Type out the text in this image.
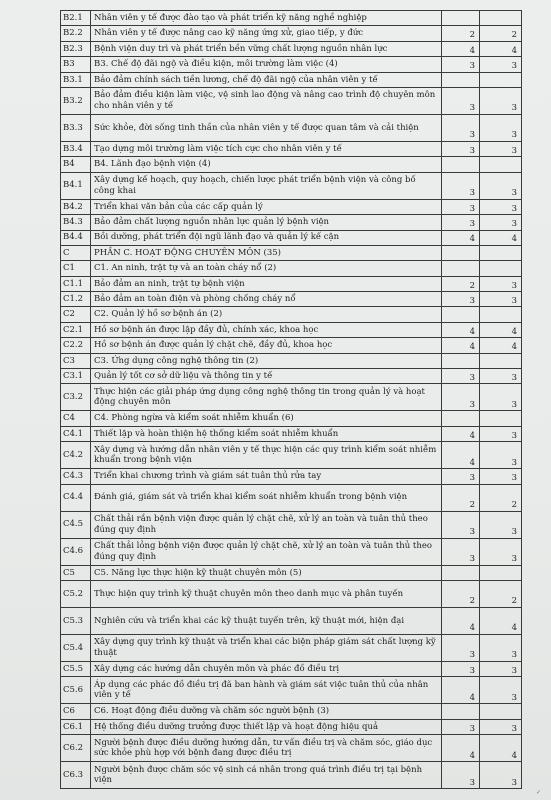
B2.1	Nhân viên y tế được đào tạo và phát triển kỹ năng nghề nghiệp		
B2.2	Nhân viên y tế được nâng cao kỹ năng ứng xử, giao tiếp, y đức	2	2
B2.3	Bệnh viện duy trì và phát triển bền vững chất lượng nguồn nhân lực	4	4
B3	B3. Chế độ đãi ngộ và điều kiện, môi trường làm việc (4)	3	3
B3.1	Bảo đảm chính sách tiền lương, chế độ đãi ngộ của nhân viên y tế		
B3.2	Bảo đảm điều kiện làm việc, vệ sinh lao động và nâng cao trình độ chuyên môn cho nhân viên y tế	3	3
B3.3	Sức khỏe, đời sống tinh thần của nhân viên y tế được quan tâm và cải thiện	3	3
B3.4	Tạo dựng môi trường làm việc tích cực cho nhân viên y tế	3	3
B4	B4. Lãnh đạo bệnh viện (4)		
B4.1	Xây dựng kế hoạch, quy hoạch, chiến lược phát triển bệnh viện và công bố công khai	3	3
B4.2	Triển khai văn bản của các cấp quản lý	3	3
B4.3	Bảo đảm chất lượng nguồn nhân lực quản lý bệnh viện	3	3
B4.4	Bồi dưỡng, phát triển đội ngũ lãnh đạo và quản lý kế cận	4	4
C	PHẦN C. HOẠT ĐỘNG CHUYÊN MÔN (35)		
C1	C1. An ninh, trật tự và an toàn cháy nổ (2)		
C1.1	Bảo đảm an ninh, trật tự bệnh viện	2	3
C1.2	Bảo đảm an toàn điện và phòng chống cháy nổ	3	3
C2	C2. Quản lý hồ sơ bệnh án (2)		
C2.1	Hồ sơ bệnh án được lập đầy đủ, chính xác, khoa học	4	4
C2.2	Hồ sơ bệnh án được quản lý chặt chẽ, đầy đủ, khoa học	4	4
C3	C3. Ứng dụng công nghệ thông tin (2)		
C3.1	Quản lý tốt cơ sở dữ liệu và thông tin y tế	3	3
C3.2	Thực hiện các giải pháp ứng dụng công nghệ thông tin trong quản lý và hoạt động chuyên môn	3	3
C4	C4. Phòng ngừa và kiểm soát nhiễm khuẩn (6)		
C4.1	Thiết lập và hoàn thiện hệ thống kiểm soát nhiễm khuẩn	4	3
C4.2	Xây dựng và hướng dẫn nhân viên y tế thực hiện các quy trình kiểm soát nhiễm khuẩn trong bệnh viện	4	3
C4.3	Triển khai chương trình và giám sát tuân thủ rửa tay	3	3
C4.4	Đánh giá, giám sát và triển khai kiểm soát nhiễm khuẩn trong bệnh viện	2	2
C4.5	Chất thải rắn bệnh viện được quản lý chặt chẽ, xử lý an toàn và tuân thủ theo đúng quy định	3	3
C4.6	Chất thải lỏng bệnh viện được quản lý chặt chẽ, xử lý an toàn và tuân thủ theo đúng quy định	3	3
C5	C5. Năng lực thực hiện kỹ thuật chuyên môn (5)		
C5.2	Thực hiện quy trình kỹ thuật chuyên môn theo danh mục và phân tuyến	2	2
C5.3	Nghiên cứu và triển khai các kỹ thuật tuyến trên, kỹ thuật mới, hiện đại	4	4
C5.4	Xây dựng quy trình kỹ thuật và triển khai các biện pháp giám sát chất lượng kỹ thuật	3	3
C5.5	Xây dựng các hướng dẫn chuyên môn và phác đồ điều trị	3	3
C5.6	Áp dụng các phác đồ điều trị đã ban hành và giám sát việc tuân thủ của nhân viên y tế	4	3
C6	C6. Hoạt động điều dưỡng và chăm sóc người bệnh (3)		
C6.1	Hệ thống điều dưỡng trưởng được thiết lập và hoạt động hiệu quả	3	3
C6.2	Người bệnh được điều dưỡng hướng dẫn, tư vấn điều trị và chăm sóc, giáo dục sức khỏe phù hợp với bệnh đang được điều trị	4	4
C6.3	Người bệnh được chăm sóc vệ sinh cá nhân trong quá trình điều trị tại bệnh viện	3	3
✓
